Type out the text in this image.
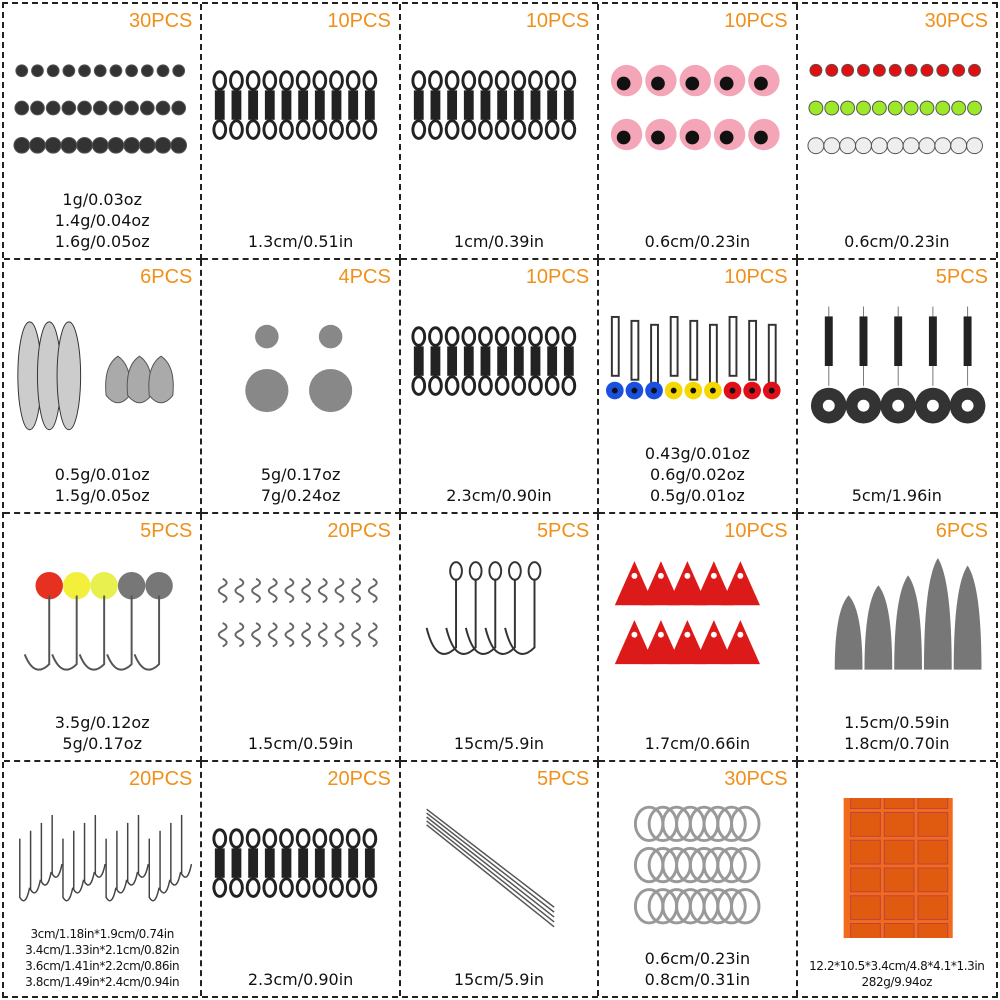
30PCS
1g/0.03oz
1.4g/0.04oz
1.6g/0.05oz
10PCS
1.3cm/0.51in
10PCS
1cm/0.39in
10PCS
0.6cm/0.23in
30PCS
0.6cm/0.23in
6PCS
0.5g/0.01oz
1.5g/0.05oz
4PCS
5g/0.17oz
7g/0.24oz
10PCS
2.3cm/0.90in
10PCS
0.43g/0.01oz
0.6g/0.02oz
0.5g/0.01oz
5PCS
5cm/1.96in
5PCS
3.5g/0.12oz
5g/0.17oz
20PCS
1.5cm/0.59in
5PCS
15cm/5.9in
10PCS
1.7cm/0.66in
6PCS
1.5cm/0.59in
1.8cm/0.70in
20PCS
3cm/1.18in*1.9cm/0.74in
3.4cm/1.33in*2.1cm/0.82in
3.6cm/1.41in*2.2cm/0.86in
3.8cm/1.49in*2.4cm/0.94in
20PCS
2.3cm/0.90in
5PCS
15cm/5.9in
30PCS
0.6cm/0.23in
0.8cm/0.31in
12.2*10.5*3.4cm/4.8*4.1*1.3in
282g/9.94oz
